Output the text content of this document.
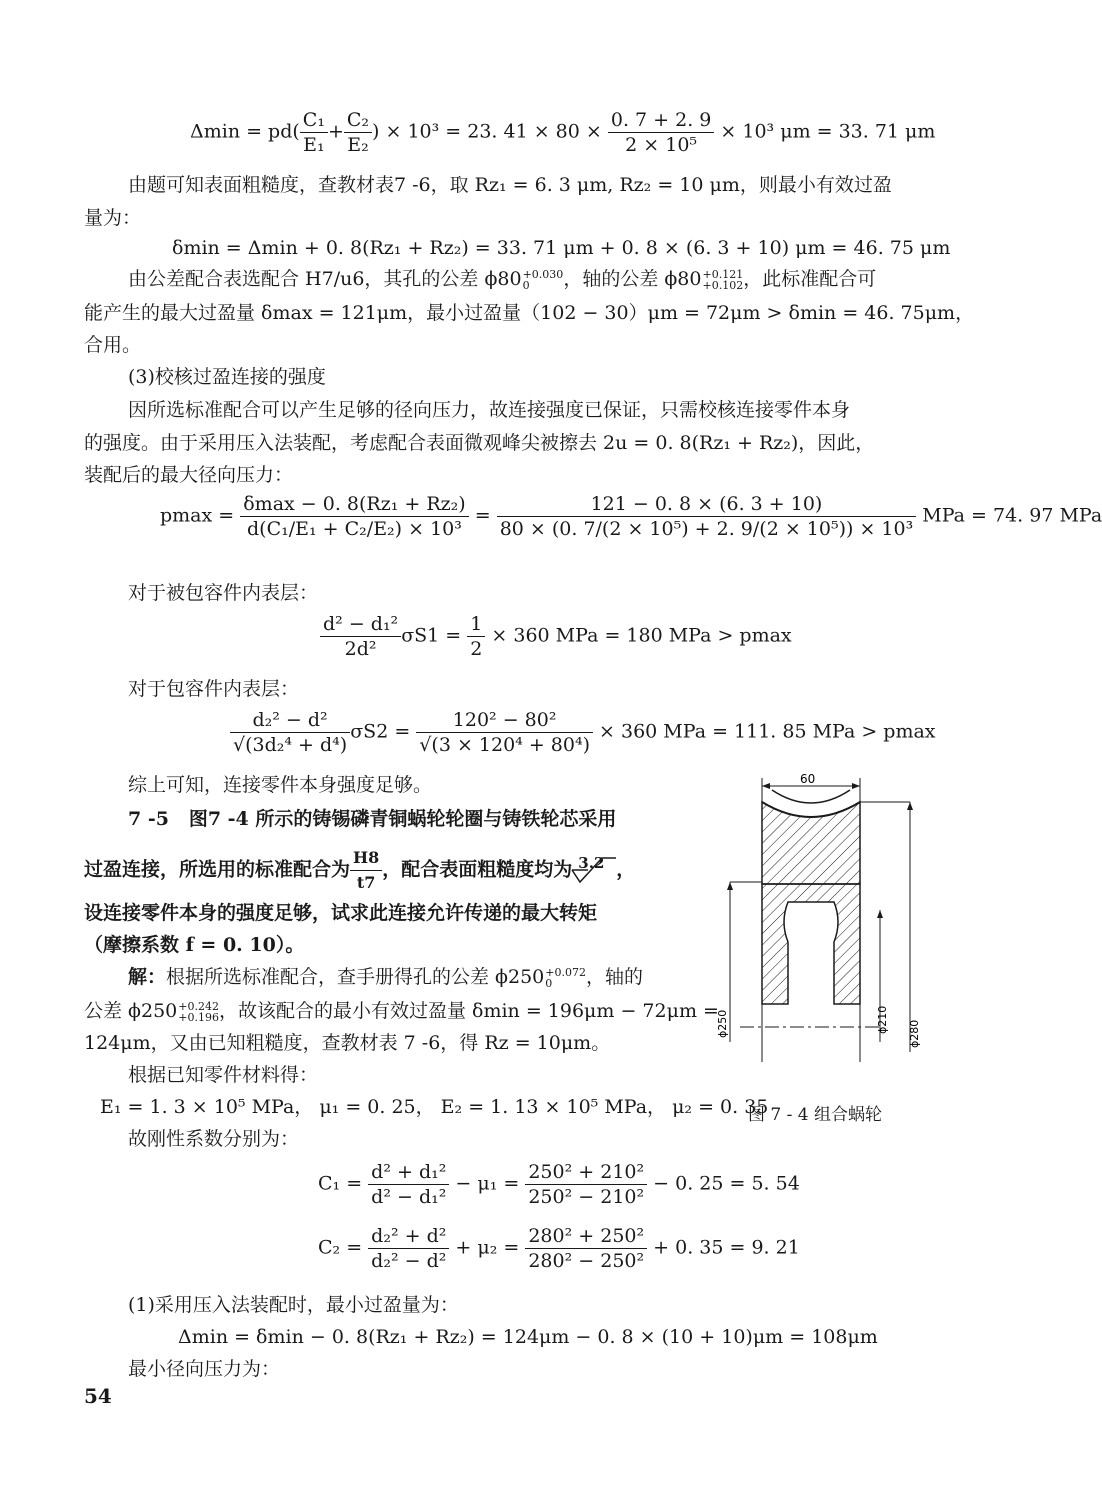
$\Delta\min = pd( \frac{\text{C₁}}{\text{E₁}} + \frac{\text{C₂}}{\text{E₂}}$ ) × 10³ = 23. $41 \times 80 \times \frac{0. 7 + 2. 9}{\text{2 × 10⁵}} \times 10^3$ μm = 33. 71 μm
由题可知表面粗糙度，查教材表7 -6，取 Rz₁ = 6. 3 μm, Rz₂ = 10 μm，则最小有效过盈
量为：
δmin = Δmin + 0. 8(Rz₁ + Rz₂) = 33. 71 μm + 0. 8 × (6. 3 + 10) μm = 46. 75 μm
由公差配合表选配合 H7/u6，其孔的公差 ϕ80 +0.030
0	，轴的公差 ϕ80 +0.121
+0.102 ，此标准配合可
能产生的最大过盈量 δmax = 121μm，最小过盈量（102 − 30）μm = 72μm > δmin = 46. 75μm，
合用。
(3)校核过盈连接的强度
因所选标准配合可以产生足够的径向压力，故连接强度已保证，只需校核连接零件本身
的强度。由于采用压入法装配，考虑配合表面微观峰尖被擦去 2u = 0. 8(Rz₁ + Rz₂)，因此，
装配后的最大径向压力：
pmax =
δmax − 0. 8(Rz₁ + Rz₂)
d(C₁/E₁ + C₂/E₂) × 10³
= $\frac{121 - 0. 8 \times (6. 3 + 10)}{\text{80 × (0. 7/(2 × 10⁵) + 2. 9/(2 × 10⁵)) × 10³}}$ MPa = 74. 97 MPa
对于被包容件内表层：
$\frac{\text{d² − d₁²}}{\text{2d²}} \sigma S1 = \frac{1}{2} \times 360$ MPa = 180 MPa > pmax
对于包容件内表层：
$\frac{\text{d₂² − d²}}{\text{√(3d₂⁴ + d⁴)}} \sigma S2 = \frac{\text{120² − 80²}}{\text{√(3 × 120⁴ + 80⁴)}} \times 360$ MPa = 111. 85 MPa > pmax
综上可知，连接零件本身强度足够。
7 -5 图7 -4 所示的铸锡磷青铜蜗轮轮圈与铸铁轮芯采用
过盈连接，所选用的标准配合为 $\frac{H8}{t7}$ ，配合表面粗糙度均为 3.2 ，
设连接零件本身的强度足够，试求此连接允许传递的最大转矩
（摩擦系数 f = 0. 10）。
解：根据所选标准配合，查手册得孔的公差 ϕ250 +0.072
0	，轴的
公差 ϕ250 +0.242
+0.196 ，故该配合的最小有效过盈量 δmin = 196μm − 72μm =
124μm，又由已知粗糙度，查教材表 7 -6，得 Rz = 10μm。
根据已知零件材料得：
E₁ = 1. 3 × 10⁵ MPa， μ₁ = 0. 25， E₂ = 1. 13 × 10⁵ MPa， μ₂ = 0. 35
故刚性系数分别为：
$C_1 = \frac{\text{d² + d₁²}}{\text{d² − d₁²}} - \mu_1 = \frac{\text{250² + 210²}}{\text{250² − 210²}} - 0$. 25 = 5. 54
$C_2 = \frac{\text{d₂² + d²}}{\text{d₂² − d²}} + \mu_2 = \frac{\text{280² + 250²}}{\text{280² − 250²}} + 0$. 35 = 9. 21
(1)采用压入法装配时，最小过盈量为：
Δmin = δmin − 0. 8(Rz₁ + Rz₂) = 124μm − 0. 8 × (10 + 10)μm = 108μm
最小径向压力为：
54
60
ϕ250	ϕ210 ϕ280
图 7 - 4 组合蜗轮
